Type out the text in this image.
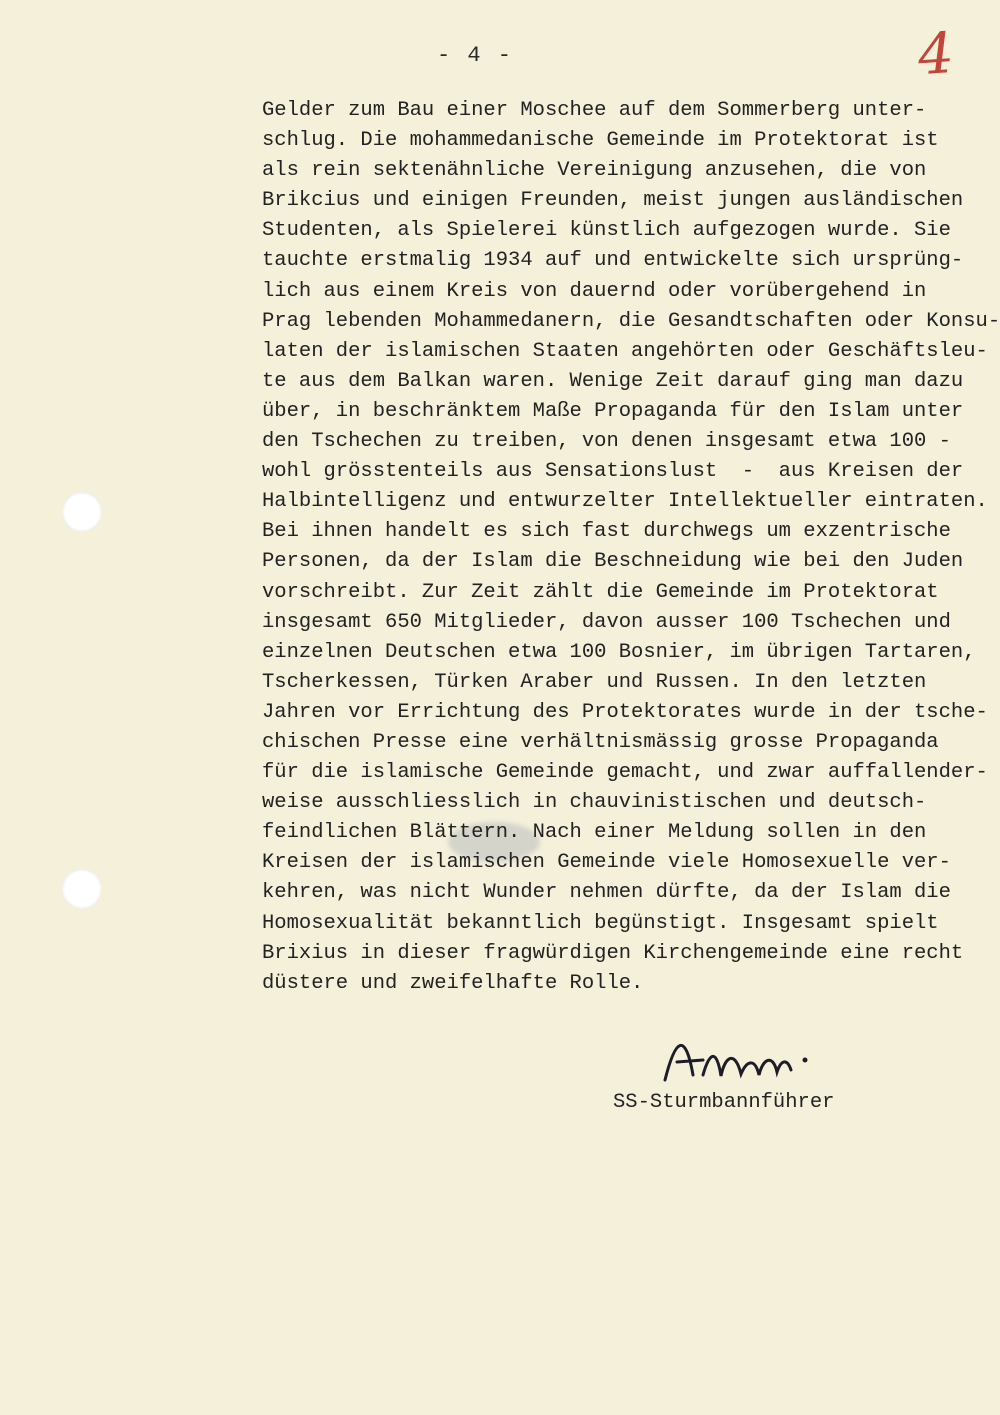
- 4 -	4
Gelder zum Bau einer Moschee auf dem Sommerberg unter-
schlug. Die mohammedanische Gemeinde im Protektorat ist
als rein sektenähnliche Vereinigung anzusehen, die von
Brikcius und einigen Freunden, meist jungen ausländischen
Studenten, als Spielerei künstlich aufgezogen wurde. Sie
tauchte erstmalig 1934 auf und entwickelte sich ursprüng-
lich aus einem Kreis von dauernd oder vorübergehend in
Prag lebenden Mohammedanern, die Gesandtschaften oder Konsu-
laten der islamischen Staaten angehörten oder Geschäftsleu-
te aus dem Balkan waren. Wenige Zeit darauf ging man dazu
über, in beschränktem Maße Propaganda für den Islam unter
den Tschechen zu treiben, von denen insgesamt etwa 100 -
wohl grösstenteils aus Sensationslust  -  aus Kreisen der
Halbintelligenz und entwurzelter Intellektueller eintraten.
Bei ihnen handelt es sich fast durchwegs um exzentrische
Personen, da der Islam die Beschneidung wie bei den Juden
vorschreibt. Zur Zeit zählt die Gemeinde im Protektorat
insgesamt 650 Mitglieder, davon ausser 100 Tschechen und
einzelnen Deutschen etwa 100 Bosnier, im übrigen Tartaren,
Tscherkessen, Türken Araber und Russen. In den letzten
Jahren vor Errichtung des Protektorates wurde in der tsche-
chischen Presse eine verhältnismässig grosse Propaganda
für die islamische Gemeinde gemacht, und zwar auffallender-
weise ausschliesslich in chauvinistischen und deutsch-
feindlichen Blättern. Nach einer Meldung sollen in den
Kreisen der islamischen Gemeinde viele Homosexuelle ver-
kehren, was nicht Wunder nehmen dürfte, da der Islam die
Homosexualität bekanntlich begünstigt. Insgesamt spielt
Brixius in dieser fragwürdigen Kirchengemeinde eine recht
düstere und zweifelhafte Rolle.
SS-Sturmbannführer
